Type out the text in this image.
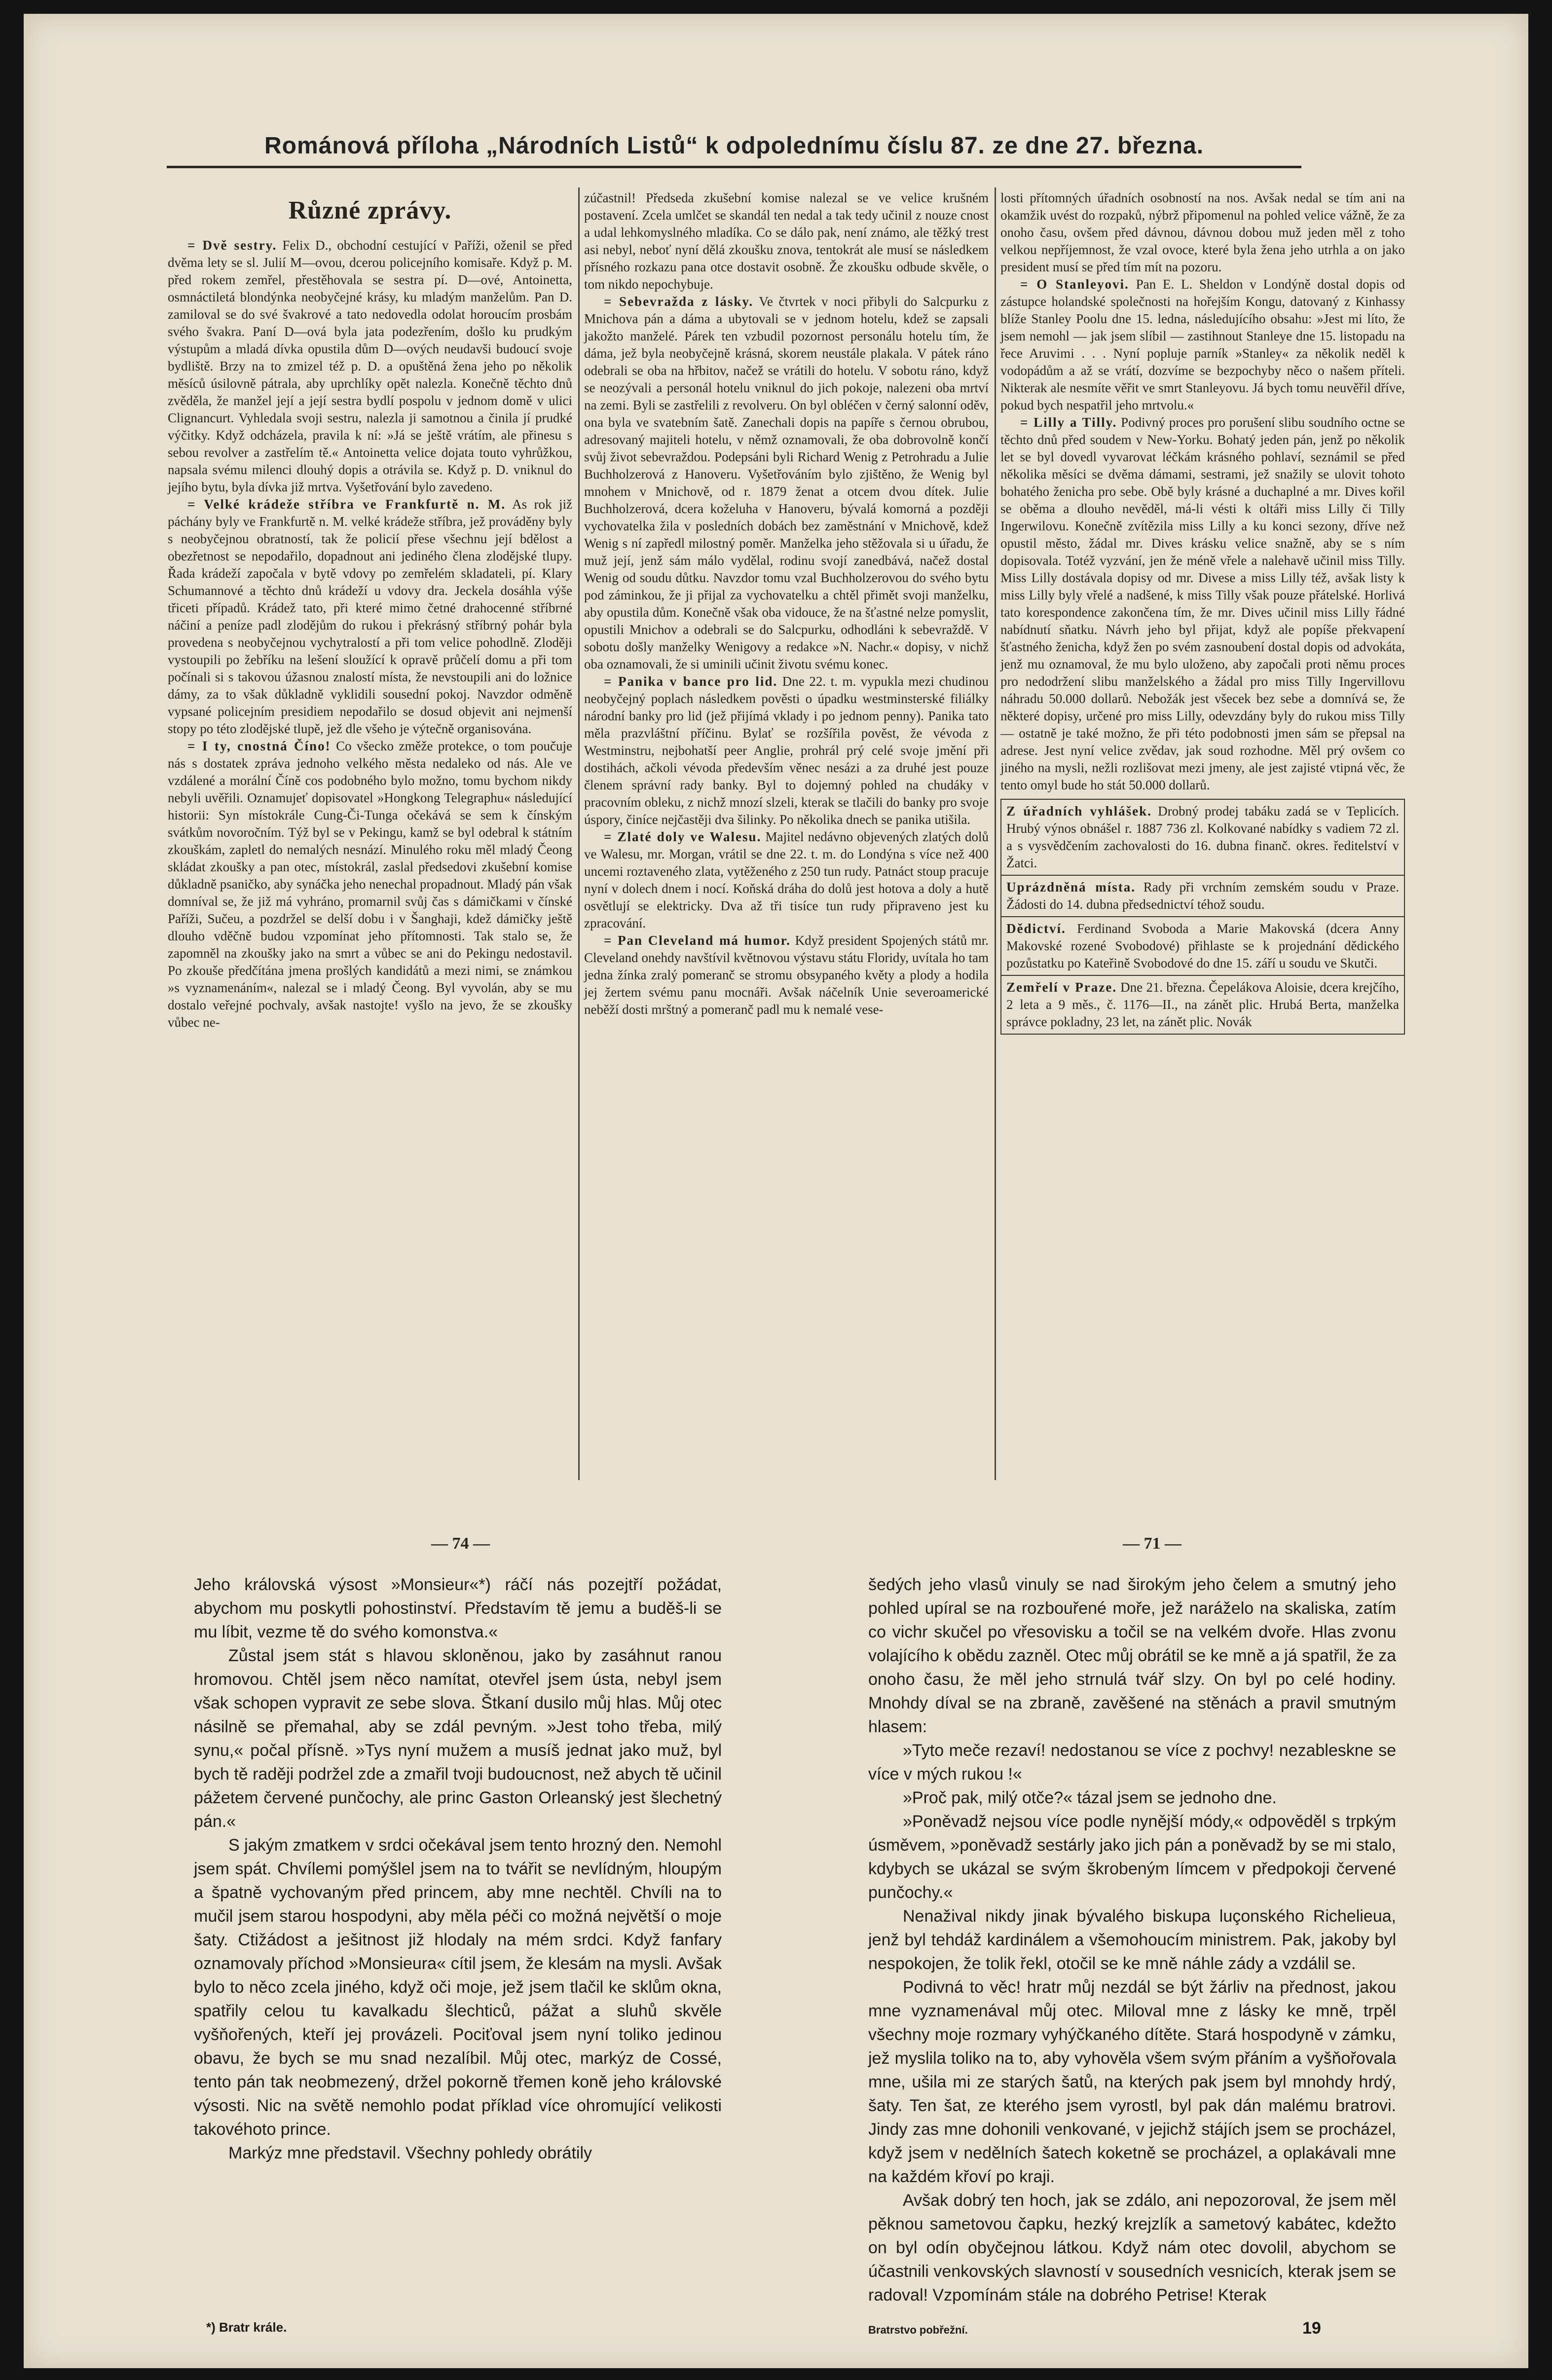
Románová příloha „Národních Listů“ k odpolednímu číslu 87. ze dne 27. března.
Různé zprávy.

= Dvě sestry. Felix D., obchodní cestující v Paříži, oženil se před dvěma lety se sl. Julií M—ovou, dcerou policejního komisaře. Když p. M. před rokem zemřel, přestěhovala se sestra pí. D—ové, Antoinetta, osmnáctiletá blondýnka neobyčejné krásy, ku mladým manželům. Pan D. zamiloval se do své švakrové a tato nedovedla odolat horoucím prosbám svého švakra. Paní D—ová byla jata podezřením, došlo ku prudkým výstupům a mladá dívka opustila dům D—ových neudavši budoucí svoje bydliště. Brzy na to zmizel též p. D. a opuštěná žena jeho po několik měsíců úsilovně pátrala, aby uprchlíky opět nalezla. Konečně těchto dnů zvěděla, že manžel její a její sestra bydlí pospolu v jednom domě v ulici Clignancurt. Vyhledala svoji sestru, nalezla ji samotnou a činila jí prudké výčitky. Když odcházela, pravila k ní: »Já se ještě vrátím, ale přinesu s sebou revolver a zastřelím tě.« Antoinetta velice dojata touto vyhrůžkou, napsala svému milenci dlouhý dopis a otrávila se. Když p. D. vniknul do jejího bytu, byla dívka již mrtva. Vyšetřování bylo zavedeno.

= Velké krádeže stříbra ve Frankfurtě n. M. As rok již páchány byly ve Frankfurtě n. M. velké krádeže stříbra, jež prováděny byly s neobyčejnou obratností, tak že policií přese všechnu její bdělost a obezřetnost se nepodařilo, dopadnout ani jediného člena zlodějské tlupy. Řada krádeží započala v bytě vdovy po zemřelém skladateli, pí. Klary Schumannové a těchto dnů krádeží u vdovy dra. Jeckela dosáhla výše třiceti případů. Krádež tato, při které mimo četné drahocenné stříbrné náčiní a peníze padl zlodějům do rukou i překrásný stříbrný pohár byla provedena s neobyčejnou vychytralostí a při tom velice pohodlně. Zloději vystoupili po žebříku na lešení sloužící k opravě průčelí domu a při tom počínali si s takovou úžasnou znalostí místa, že nevstoupili ani do ložnice dámy, za to však důkladně vyklidili sousední pokoj. Navzdor odměně vypsané policejním presidiem nepodařilo se dosud objevit ani nejmenší stopy po této zlodějské tlupě, jež dle všeho je výtečně organisována.

= I ty, cnostná Číno! Co všecko změže protekce, o tom poučuje nás s dostatek zpráva jednoho velkého města nedaleko od nás. Ale ve vzdálené a morální Číně cos podobného bylo možno, tomu bychom nikdy nebyli uvěřili. Oznamujeť dopisovatel »Hongkong Telegraphu« následující historii: Syn místokrále Cung-Či-Tunga očekává se sem k čínským svátkům novoročním. Týž byl se v Pekingu, kamž se byl odebral k státním zkouškám, zapletl do nemalých nesnází. Minulého roku měl mladý Čeong skládat zkoušky a pan otec, místokrál, zaslal předsedovi zkušební komise důkladně psaničko, aby synáčka jeho nenechal propadnout. Mladý pán však domníval se, že již má vyhráno, promarnil svůj čas s dámičkami v čínské Paříži, Sučeu, a pozdržel se delší dobu i v Šanghaji, kdež dámičky ještě dlouho vděčně budou vzpomínat jeho přítomnosti. Tak stalo se, že zapomněl na zkoušky jako na smrt a vůbec se ani do Pekingu nedostavil. Po zkouše předčítána jmena prošlých kandidátů a mezi nimi, se známkou »s vyznamenáním«, nalezal se i mladý Čeong. Byl vyvolán, aby se mu dostalo veřejné pochvaly, avšak nastojte! vyšlo na jevo, že se zkoušky vůbec ne-

zúčastnil! Předseda zkušební komise nalezal se ve velice krušném postavení. Zcela umlčet se skandál ten nedal a tak tedy učinil z nouze cnost a udal lehkomyslného mladíka. Co se dálo pak, není známo, ale těžký trest asi nebyl, neboť nyní dělá zkoušku znova, tentokrát ale musí se následkem přísného rozkazu pana otce dostavit osobně. Že zkoušku odbude skvěle, o tom nikdo nepochybuje.

= Sebevražda z lásky. Ve čtvrtek v noci přibyli do Salcpurku z Mnichova pán a dáma a ubytovali se v jednom hotelu, kdež se zapsali jakožto manželé. Párek ten vzbudil pozornost personálu hotelu tím, že dáma, jež byla neobyčejně krásná, skorem neustále plakala. V pátek ráno odebrali se oba na hřbitov, načež se vrátili do hotelu. V sobotu ráno, když se neozývali a personál hotelu vniknul do jich pokoje, nalezeni oba mrtví na zemi. Byli se zastřelili z revolveru. On byl obléčen v černý salonní oděv, ona byla ve svatebním šatě. Zanechali dopis na papíře s černou obrubou, adresovaný majiteli hotelu, v němž oznamovali, že oba dobrovolně končí svůj život sebevraždou. Podepsáni byli Richard Wenig z Petrohradu a Julie Buchholzerová z Hanoveru. Vyšetřováním bylo zjištěno, že Wenig byl mnohem v Mnichově, od r. 1879 ženat a otcem dvou dítek. Julie Buchholzerová, dcera koželuha v Hanoveru, bývalá komorná a později vychovatelka žila v posledních dobách bez zaměstnání v Mnichově, kdež Wenig s ní zapředl milostný poměr. Manželka jeho stěžovala si u úřadu, že muž její, jenž sám málo vydělal, rodinu svojí zanedbává, načež dostal Wenig od soudu důtku. Navzdor tomu vzal Buchholzerovou do svého bytu pod záminkou, že ji přijal za vychovatelku a chtěl přimět svoji manželku, aby opustila dům. Konečně však oba vidouce, že na šťastné nelze pomyslit, opustili Mnichov a odebrali se do Salcpurku, odhodláni k sebevraždě. V sobotu došly manželky Wenigovy a redakce »N. Nachr.« dopisy, v nichž oba oznamovali, že si uminili učinit životu svému konec.

= Panika v bance pro lid. Dne 22. t. m. vypukla mezi chudinou neobyčejný poplach následkem pověsti o úpadku westminsterské filiálky národní banky pro lid (jež přijímá vklady i po jednom penny). Panika tato měla prazvláštní příčinu. Bylať se rozšířila pověst, že vévoda z Westminstru, nejbohatší peer Anglie, prohrál prý celé svoje jmění při dostihách, ačkoli vévoda především věnec nesázi a za druhé jest pouze členem správní rady banky. Byl to dojemný pohled na chudáky v pracovním obleku, z nichž mnozí slzeli, kterak se tlačili do banky pro svoje úspory, činíce nejčastěji dva šilinky. Po několika dnech se panika utišila.

= Zlaté doly ve Walesu. Majitel nedávno objevených zlatých dolů ve Walesu, mr. Morgan, vrátil se dne 22. t. m. do Londýna s více než 400 uncemi roztaveného zlata, vytěženého z 250 tun rudy. Patnáct stoup pracuje nyní v dolech dnem i nocí. Koňská dráha do dolů jest hotova a doly a hutě osvětlují se elektricky. Dva až tři tisíce tun rudy připraveno jest ku zpracování.

= Pan Cleveland má humor. Když president Spojených států mr. Cleveland onehdy navštívil květnovou výstavu státu Floridy, uvítala ho tam jedna žínka zralý pomeranč se stromu obsypaného květy a plody a hodila jej žertem svému panu mocnáři. Avšak náčelník Unie severoamerické neběží dosti mrštný a pomeranč padl mu k nemalé vese-

losti přítomných úřadních osobností na nos. Avšak nedal se tím ani na okamžik uvést do rozpaků, nýbrž připomenul na pohled velice vážně, že za onoho času, ovšem před dávnou, dávnou dobou muž jeden měl z toho velkou nepříjemnost, že vzal ovoce, které byla žena jeho utrhla a on jako president musí se před tím mít na pozoru.

= O Stanleyovi. Pan E. L. Sheldon v Londýně dostal dopis od zástupce holandské společnosti na hořejším Kongu, datovaný z Kinhassy blíže Stanley Poolu dne 15. ledna, následujícího obsahu: »Jest mi líto, že jsem nemohl — jak jsem slíbil — zastihnout Stanleye dne 15. listopadu na řece Aruvimi . . . Nyní popluje parník »Stanley« za několik neděl k vodopádům a až se vrátí, dozvíme se bezpochyby něco o našem příteli. Nikterak ale nesmíte věřit ve smrt Stanleyovu. Já bych tomu neuvěřil dříve, pokud bych nespatřil jeho mrtvolu.«

= Lilly a Tilly. Podivný proces pro porušení slibu soudního octne se těchto dnů před soudem v New-Yorku. Bohatý jeden pán, jenž po několik let se byl dovedl vyvarovat léčkám krásného pohlaví, seznámil se před několika měsíci se dvěma dámami, sestrami, jež snažily se ulovit tohoto bohatého ženicha pro sebe. Obě byly krásné a duchaplné a mr. Dives kořil se oběma a dlouho nevěděl, má-li vésti k oltáři miss Lilly či Tilly Ingerwilovu. Konečně zvítězila miss Lilly a ku konci sezony, dříve než opustil město, žádal mr. Dives krásku velice snažně, aby se s ním dopisovala. Totéž vyzvání, jen že méně vřele a nalehavě učinil miss Tilly. Miss Lilly dostávala dopisy od mr. Divese a miss Lilly též, avšak listy k miss Lilly byly vřelé a nadšené, k miss Tilly však pouze přátelské. Horlivá tato korespondence zakončena tím, že mr. Dives učinil miss Lilly řádné nabídnutí sňatku. Návrh jeho byl přijat, když ale popíše překvapení šťastného ženicha, když žen po svém zasnoubení dostal dopis od advokáta, jenž mu oznamoval, že mu bylo uloženo, aby započali proti němu proces pro nedodržení slibu manželského a žádal pro miss Tilly Ingervillovu náhradu 50.000 dollarů. Nebožák jest všecek bez sebe a domnívá se, že některé dopisy, určené pro miss Lilly, odevzdány byly do rukou miss Tilly — ostatně je také možno, že při této podobnosti jmen sám se přepsal na adrese. Jest nyní velice zvědav, jak soud rozhodne. Měl prý ovšem co jiného na mysli, nežli rozlišovat mezi jmeny, ale jest zajisté vtipná věc, že tento omyl bude ho stát 50.000 dollarů.

Z úřadních vyhlášek. Drobný prodej tabáku zadá se v Teplicích. Hrubý výnos obnášel r. 1887 736 zl. Kolkované nabídky s vadiem 72 zl. a s vysvědčením zachovalosti do 16. dubna finanč. okres. ředitelství v Žatci.
Uprázdněná místa. Rady při vrchním zemském soudu v Praze. Žádosti do 14. dubna předsednictví téhož soudu.
Dědictví. Ferdinand Svoboda a Marie Makovská (dcera Anny Makovské rozené Svobodové) přihlaste se k projednání dědického pozůstatku po Kateřině Svobodové do dne 15. září u soudu ve Skutči.
Zemřelí v Praze. Dne 21. března. Čepelákova Aloisie, dcera krejčího, 2 leta a 9 měs., č. 1176—II., na zánět plic. Hrubá Berta, manželka správce pokladny, 23 let, na zánět plic. Novák
— 74 —	— 71 —

Jeho královská výsost »Monsieur«*) ráčí nás pozejtří požádat, abychom mu poskytli pohostinství. Představím tě jemu a buděš-li se mu líbit, vezme tě do svého komonstva.«

Zůstal jsem stát s hlavou skloněnou, jako by zasáhnut ranou hromovou. Chtěl jsem něco namítat, otevřel jsem ústa, nebyl jsem však schopen vypravit ze sebe slova. Štkaní dusilo můj hlas. Můj otec násilně se přemahal, aby se zdál pevným. »Jest toho třeba, milý synu,« počal přísně. »Tys nyní mužem a musíš jednat jako muž, byl bych tě raději podržel zde a zmařil tvoji budoucnost, než abych tě učinil pážetem červené punčochy, ale princ Gaston Orleanský jest šlechetný pán.«

S jakým zmatkem v srdci očekával jsem tento hrozný den. Nemohl jsem spát. Chvílemi pomýšlel jsem na to tvářit se nevlídným, hloupým a špatně vychovaným před princem, aby mne nechtěl. Chvíli na to mučil jsem starou hospodyni, aby měla péči co možná největší o moje šaty. Ctižádost a ješitnost již hlodaly na mém srdci. Když fanfary oznamovaly příchod »Monsieura« cítil jsem, že klesám na mysli. Avšak bylo to něco zcela jiného, když oči moje, jež jsem tlačil ke sklům okna, spatřily celou tu kavalkadu šlechticů, pážat a sluhů skvěle vyšňořených, kteří jej provázeli. Pociťoval jsem nyní toliko jedinou obavu, že bych se mu snad nezalíbil. Můj otec, markýz de Cossé, tento pán tak neobmezený, držel pokorně třemen koně jeho královské výsosti. Nic na světě nemohlo podat příklad více ohromující velikosti takovéhoto prince.

Markýz mne představil. Všechny pohledy obrátily

šedých jeho vlasů vinuly se nad širokým jeho čelem a smutný jeho pohled upíral se na rozbouřené moře, jež naráželo na skaliska, zatím co vichr skučel po vřesovisku a točil se na velkém dvoře. Hlas zvonu volajícího k obědu zazněl. Otec můj obrátil se ke mně a já spatřil, že za onoho času, že měl jeho strnulá tvář slzy. On byl po celé hodiny. Mnohdy díval se na zbraně, zavěšené na stěnách a pravil smutným hlasem:

»Tyto meče rezaví! nedostanou se více z pochvy! nezableskne se více v mých rukou !«

»Proč pak, milý otče?« tázal jsem se jednoho dne.

»Poněvadž nejsou více podle nynější módy,« odpověděl s trpkým úsměvem, »poněvadž sestárly jako jich pán a poněvadž by se mi stalo, kdybych se ukázal se svým škrobeným límcem v předpokoji červené punčochy.«

Nenažival nikdy jinak bývalého biskupa luçonského Richelieua, jenž byl tehdáž kardinálem a všemohoucím ministrem. Pak, jakoby byl nespokojen, že tolik řekl, otočil se ke mně náhle zády a vzdálil se.

Podivná to věc! hratr můj nezdál se být žárliv na přednost, jakou mne vyznamenával můj otec. Miloval mne z lásky ke mně, trpěl všechny moje rozmary vyhýčkaného dítěte. Stará hospodyně v zámku, jež myslila toliko na to, aby vyhověla všem svým přáním a vyšňořovala mne, ušila mi ze starých šatů, na kterých pak jsem byl mnohdy hrdý, šaty. Ten šat, ze kterého jsem vyrostl, byl pak dán malému bratrovi. Jindy zas mne dohonili venkované, v jejichž stájích jsem se procházel, když jsem v nedělních šatech koketně se procházel, a oplakávali mne na každém křoví po kraji.

Avšak dobrý ten hoch, jak se zdálo, ani nepozoroval, že jsem měl pěknou sametovou čapku, hezký krejzlík a sametový kabátec, kdežto on byl odín obyčejnou látkou. Když nám otec dovolil, abychom se účastnili venkovských slavností v sousedních vesnicích, kterak jsem se radoval! Vzpomínám stále na dobrého Petrise! Kterak

*) Bratr krále.	Bratrstvo pobřežní.	19
